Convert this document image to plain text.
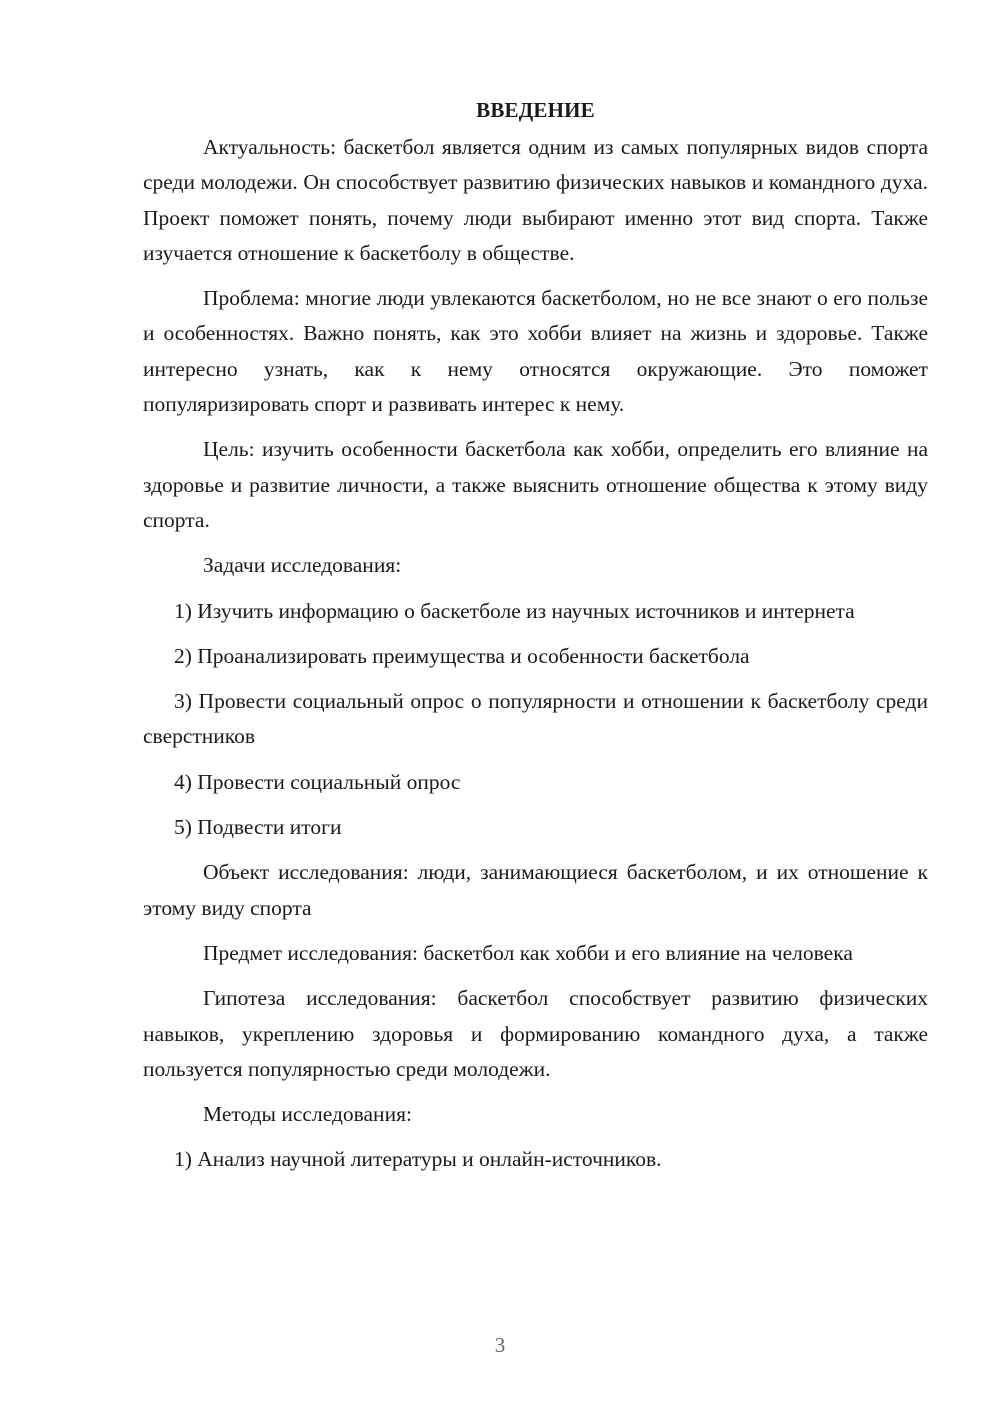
ВВЕДЕНИЕ

Актуальность: баскетбол является одним из самых популярных видов спорта среди молодежи. Он способствует развитию физических навыков и командного духа. Проект поможет понять, почему люди выбирают именно этот вид спорта. Также изучается отношение к баскетболу в обществе.

Проблема: многие люди увлекаются баскетболом, но не все знают о его пользе и особенностях. Важно понять, как это хобби влияет на жизнь и здоровье. Также интересно узнать, как к нему относятся окружающие. Это поможет популяризировать спорт и развивать интерес к нему.

Цель: изучить особенности баскетбола как хобби, определить его влияние на здоровье и развитие личности, а также выяснить отношение общества к этому виду спорта.

Задачи исследования:

1) Изучить информацию о баскетболе из научных источников и интернета

2) Проанализировать преимущества и особенности баскетбола

3) Провести социальный опрос о популярности и отношении к баскетболу среди сверстников

4) Провести социальный опрос

5) Подвести итоги

Объект исследования: люди, занимающиеся баскетболом, и их отношение к этому виду спорта

Предмет исследования: баскетбол как хобби и его влияние на человека

Гипотеза исследования: баскетбол способствует развитию физических навыков, укреплению здоровья и формированию командного духа, а также пользуется популярностью среди молодежи.

Методы исследования:

1) Анализ научной литературы и онлайн-источников.

3
